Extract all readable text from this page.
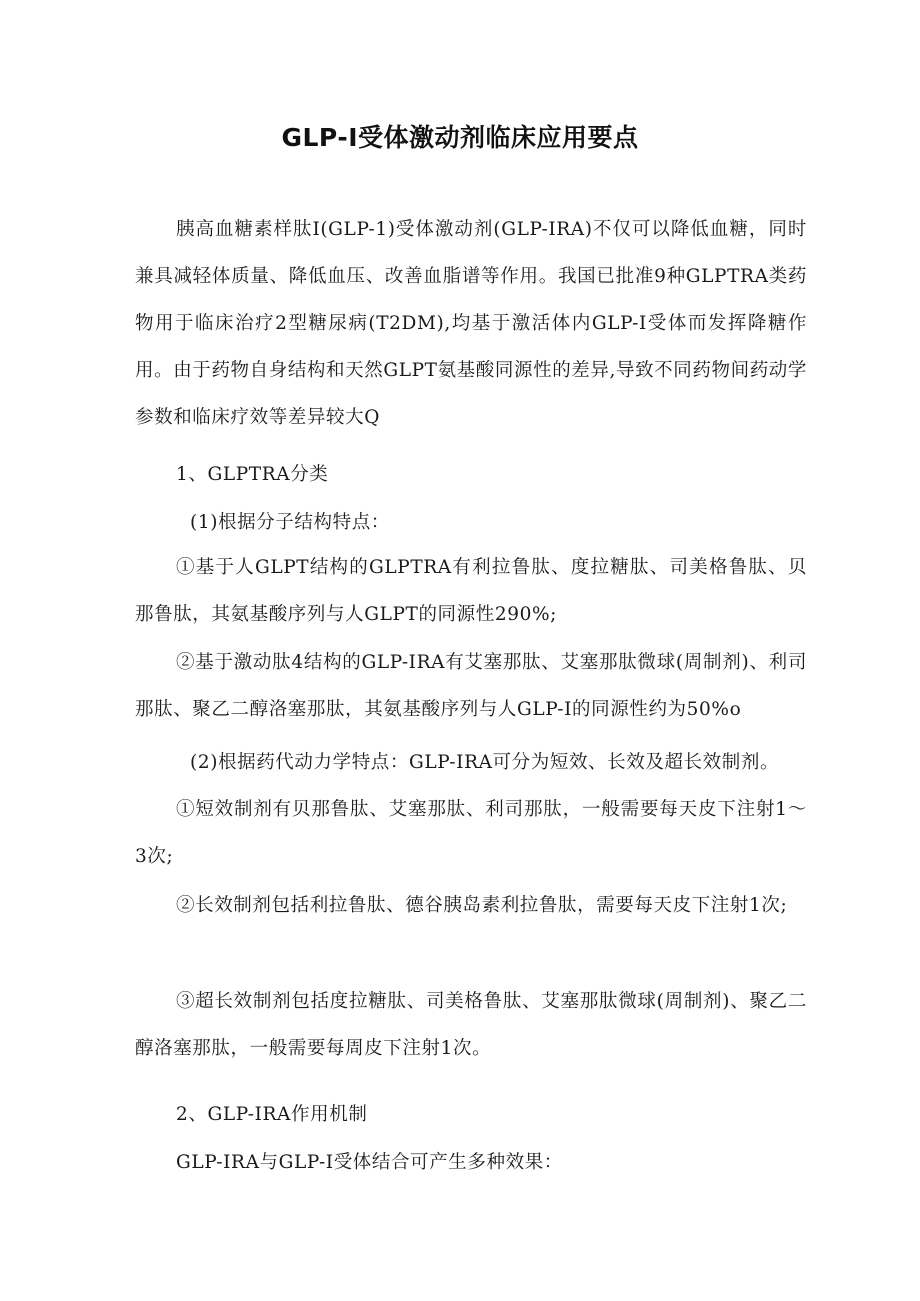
GLP-I受体激动剂临床应用要点
胰高血糖素样肽I(GLP-1)受体激动剂(GLP-IRA)不仅可以降低血糖，同时兼具减轻体质量、降低血压、改善血脂谱等作用。我国已批准9种GLPTRA类药物用于临床治疗2型糖尿病(T2DM),均基于激活体内GLP-I受体而发挥降糖作用。由于药物自身结构和天然GLPT氨基酸同源性的差异,导致不同药物间药动学参数和临床疗效等差异较大Q
1、GLPTRA分类
(1)根据分子结构特点：
①基于人GLPT结构的GLPTRA有利拉鲁肽、度拉糖肽、司美格鲁肽、贝那鲁肽，其氨基酸序列与人GLPT的同源性290%;
②基于激动肽4结构的GLP-IRA有艾塞那肽、艾塞那肽微球(周制剂)、利司那肽、聚乙二醇洛塞那肽，其氨基酸序列与人GLP-I的同源性约为50%o
(2)根据药代动力学特点：GLP-IRA可分为短效、长效及超长效制剂。
①短效制剂有贝那鲁肽、艾塞那肽、利司那肽，一般需要每天皮下注射1～3次;
②长效制剂包括利拉鲁肽、德谷胰岛素利拉鲁肽，需要每天皮下注射1次;
③超长效制剂包括度拉糖肽、司美格鲁肽、艾塞那肽微球(周制剂)、聚乙二醇洛塞那肽，一般需要每周皮下注射1次。
2、GLP-IRA作用机制
GLP-IRA与GLP-I受体结合可产生多种效果：
